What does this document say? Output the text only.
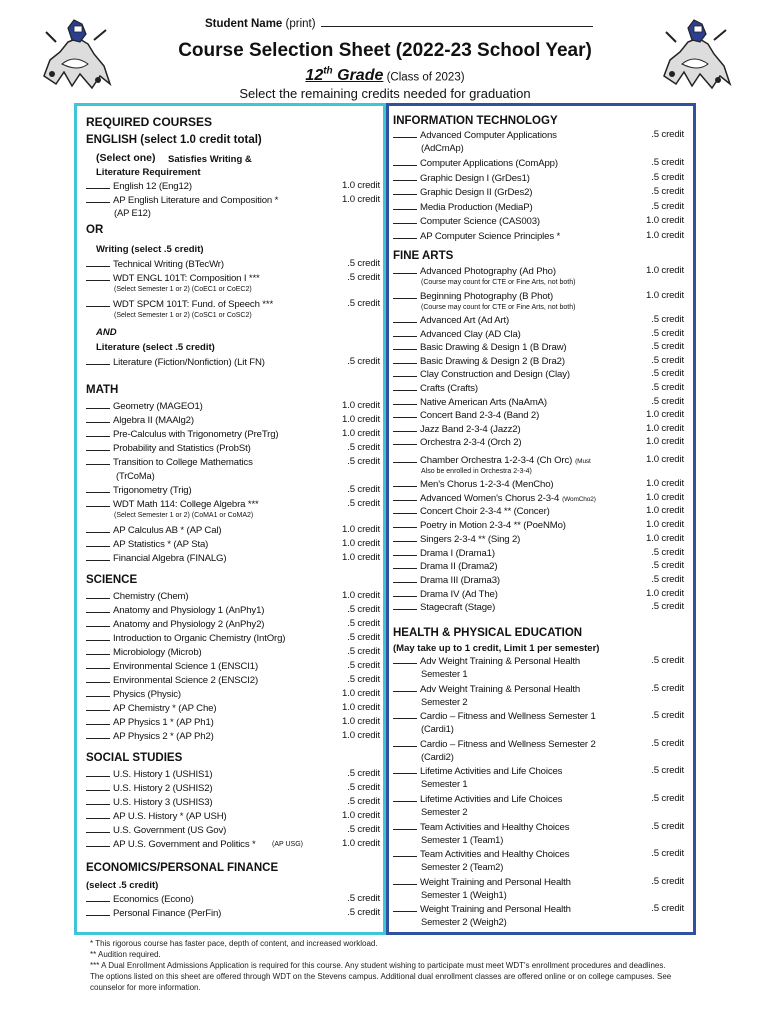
Student Name (print)
Course Selection Sheet (2022-23 School Year)
12th Grade (Class of 2023)
Select the remaining credits needed for graduation
REQUIRED COURSES
ENGLISH (select 1.0 credit total)
(Select one) Satisfies Writing &
Literature Requirement
English 12 (Eng12)	1.0 credit
AP English Literature and Composition *	1.0 credit
(AP E12)
OR
Writing (select .5 credit)
Technical Writing (BTecWr)	.5 credit
WDT ENGL 101T: Composition I ***	.5 credit
(Select Semester 1 or 2) (CoEC1 or CoEC2)
WDT SPCM 101T: Fund. of Speech ***	.5 credit
(Select Semester 1 or 2) (CoSC1 or CoSC2)
AND
Literature (select .5 credit)
Literature (Fiction/Nonfiction) (Lit FN)	.5 credit
MATH
Geometry (MAGEO1)	1.0 credit
Algebra II (MAAlg2)	1.0 credit
Pre-Calculus with Trigonometry (PreTrg)	1.0 credit
Probability and Statistics (ProbSt)	.5 credit
Transition to College Mathematics	.5 credit
(TrCoMa)
Trigonometry (Trig)	.5 credit
WDT Math 114: College Algebra ***	.5 credit
(Select Semester 1 or 2) (CoMA1 or CoMA2)
AP Calculus AB * (AP Cal)	1.0 credit
AP Statistics * (AP Sta)	1.0 credit
Financial Algebra (FINALG)	1.0 credit
SCIENCE
Chemistry (Chem)	1.0 credit
Anatomy and Physiology 1 (AnPhy1)	.5 credit
Anatomy and Physiology 2 (AnPhy2)	.5 credit
Introduction to Organic Chemistry (IntOrg)	.5 credit
Microbiology (Microb)	.5 credit
Environmental Science 1 (ENSCI1)	.5 credit
Environmental Science 2 (ENSCI2)	.5 credit
Physics (Physic)	1.0 credit
AP Chemistry * (AP Che)	1.0 credit
AP Physics 1 * (AP Ph1)	1.0 credit
AP Physics 2 * (AP Ph2)	1.0 credit
SOCIAL STUDIES
U.S. History 1 (USHIS1)	.5 credit
U.S. History 2 (USHIS2)	.5 credit
U.S. History 3 (USHIS3)	.5 credit
AP U.S. History * (AP USH)	1.0 credit
U.S. Government (US Gov)	.5 credit
AP U.S. Government and Politics *	1.0 credit
(AP USG)
ECONOMICS/PERSONAL FINANCE
(select .5 credit)
Economics (Econo)	.5 credit
Personal Finance (PerFin)	.5 credit
INFORMATION TECHNOLOGY
Advanced Computer Applications	.5 credit
(AdCmAp)
Computer Applications (ComApp)	.5 credit
Graphic Design I (GrDes1)	.5 credit
Graphic Design II (GrDes2)	.5 credit
Media Production (MediaP)	.5 credit
Computer Science (CAS003)	1.0 credit
AP Computer Science Principles *	1.0 credit
FINE ARTS
Advanced Photography (Ad Pho)	1.0 credit
(Course may count for CTE or Fine Arts, not both)
Beginning Photography (B Phot)	1.0 credit
(Course may count for CTE or Fine Arts, not both)
Advanced Art (Ad Art)	.5 credit
Advanced Clay (AD Cla)	.5 credit
Basic Drawing & Design 1 (B Draw)	.5 credit
Basic Drawing & Design 2 (B Dra2)	.5 credit
Clay Construction and Design (Clay)	.5 credit
Crafts (Crafts)	.5 credit
Native American Arts (NaAmA)	.5 credit
Concert Band 2-3-4 (Band 2)	1.0 credit
Jazz Band 2-3-4 (Jazz2)	1.0 credit
Orchestra 2-3-4 (Orch 2)	1.0 credit
Chamber Orchestra 1-2-3-4 (Ch Orc) (Must	1.0 credit
Also be enrolled in Orchestra 2-3-4)
Men's Chorus 1-2-3-4 (MenCho)	1.0 credit
Advanced Women's Chorus 2-3-4 (WomCho2)	1.0 credit
Concert Choir 2-3-4 ** (Concer)	1.0 credit
Poetry in Motion 2-3-4 ** (PoeNMo)	1.0 credit
Singers 2-3-4 ** (Sing 2)	1.0 credit
Drama I (Drama1)	.5 credit
Drama II (Drama2)	.5 credit
Drama III (Drama3)	.5 credit
Drama IV (Ad The)	1.0 credit
Stagecraft (Stage)	.5 credit
HEALTH & PHYSICAL EDUCATION
(May take up to 1 credit, Limit 1 per semester)
Adv Weight Training & Personal Health	.5 credit
Semester 1
Adv Weight Training & Personal Health	.5 credit
Semester 2
Cardio – Fitness and Wellness Semester 1	.5 credit
(Cardi1)
Cardio – Fitness and Wellness Semester 2	.5 credit
(Cardi2)
Lifetime Activities and Life Choices	.5 credit
Semester 1
Lifetime Activities and Life Choices	.5 credit
Semester 2
Team Activities and Healthy Choices	.5 credit
Semester 1 (Team1)
Team Activities and Healthy Choices	.5 credit
Semester 2 (Team2)
Weight Training and Personal Health	.5 credit
Semester 1 (Weigh1)
Weight Training and Personal Health	.5 credit
Semester 2 (Weigh2)
* This rigorous course has faster pace, depth of content, and increased workload.
** Audition required.
*** A Dual Enrollment Admissions Application is required for this course. Any student wishing to participate must meet WDT's enrollment procedures and deadlines. The options listed on this sheet are offered through WDT on the Stevens campus. Additional dual enrollment classes are offered online or on college campuses. See counselor for more information.
